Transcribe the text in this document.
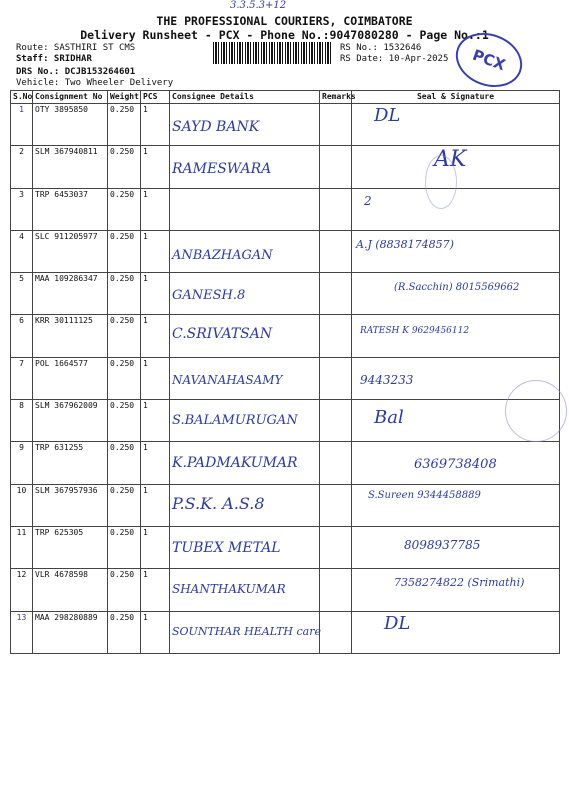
3.3.5.3+12
THE PROFESSIONAL COURIERS, COIMBATORE
Delivery Runsheet - PCX - Phone No.:9047080280 - Page No.:1
Route: SASTHIRI ST CMS
Staff: SRIDHAR
DRS No.: DCJB153264601
Vehicle: Two Wheeler Delivery
RS No.: 1532646
RS Date: 10-Apr-2025	PCX
S.No	Consignment No	Weight	PCS	Consignee Details	Remarks	Seal & Signature
1	OTY 3895850	0.250	1	SAYD BANK		DL

2	SLM 367940811	0.250	1	RAMESWARA		AK

3	TRP 6453037	0.250	1			2

4	SLC 911205977	0.250	1	ANBAZHAGAN		A.J (8838174857)

5	MAA 109286347	0.250	1	GANESH.8		(R.Sacchin) 8015569662

6	KRR 30111125	0.250	1	C.SRIVATSAN		RATESH K 9629456112

7	POL 1664577	0.250	1	NAVANAHASAMY		9443233

8	SLM 367962009	0.250	1	S.BALAMURUGAN		Bal

9	TRP 631255	0.250	1	K.PADMAKUMAR		6369738408

10	SLM 367957936	0.250	1	P.S.K. A.S.8		S.Sureen 9344458889

11	TRP 625305	0.250	1	TUBEX METAL		8098937785

12	VLR 4678598	0.250	1	SHANTHAKUMAR		7358274822 (Srimathi)

13	MAA 298280889	0.250	1	SOUNTHAR HEALTH care		DL
